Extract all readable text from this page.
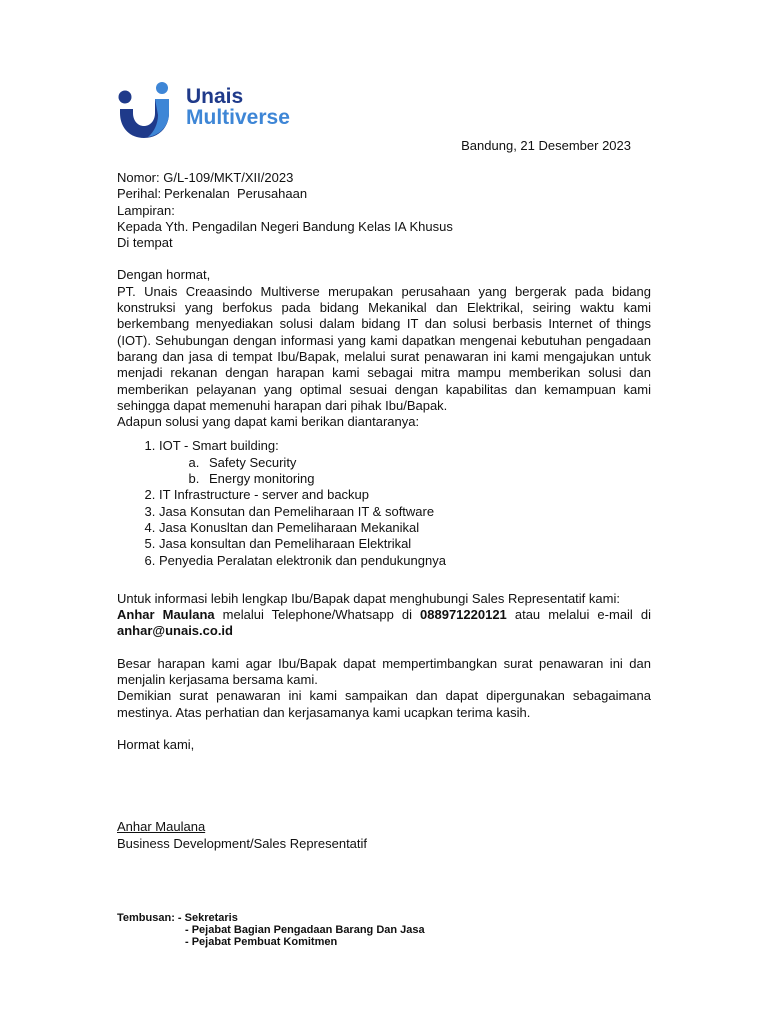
Unais
Multiverse
Bandung, 21 Desember 2023
Nomor: G/L-109/MKT/XII/2023
Perihal: Perkenalan  Perusahaan
Lampiran:
Kepada Yth. Pengadilan Negeri Bandung Kelas IA Khusus
Di tempat
Dengan hormat,
PT. Unais Creaasindo Multiverse merupakan perusahaan yang bergerak pada bidang konstruksi yang berfokus pada bidang Mekanikal dan Elektrikal, seiring waktu kami berkembang menyediakan solusi dalam bidang IT dan solusi berbasis Internet of things (IOT). Sehubungan dengan informasi yang kami dapatkan mengenai kebutuhan pengadaan barang dan jasa di tempat Ibu/Bapak, melalui surat penawaran ini kami mengajukan untuk menjadi rekanan dengan harapan kami sebagai mitra mampu memberikan solusi dan memberikan pelayanan yang optimal sesuai dengan kapabilitas dan kemampuan kami sehingga dapat memenuhi harapan dari pihak Ibu/Bapak.
Adapun solusi yang dapat kami berikan diantaranya:
1. IOT - Smart building:
a. Safety Security
b. Energy monitoring
2. IT Infrastructure - server and backup
3. Jasa Konsutan dan Pemeliharaan IT & software
4. Jasa Konusltan dan Pemeliharaan Mekanikal
5. Jasa konsultan dan Pemeliharaan Elektrikal
6. Penyedia Peralatan elektronik dan pendukungnya
Untuk informasi lebih lengkap Ibu/Bapak dapat menghubungi Sales Representatif kami:
Anhar Maulana melalui Telephone/Whatsapp di 088971220121 atau melalui e-mail di
anhar@unais.co.id
Besar harapan kami agar Ibu/Bapak dapat mempertimbangkan surat penawaran ini dan menjalin kerjasama bersama kami.
Demikian surat penawaran ini kami sampaikan dan dapat dipergunakan sebagaimana mestinya. Atas perhatian dan kerjasamanya kami ucapkan terima kasih.
Hormat kami,
Anhar Maulana
Business Development/Sales Representatif
Tembusan: - Sekretaris
- Pejabat Bagian Pengadaan Barang Dan Jasa
- Pejabat Pembuat Komitmen
